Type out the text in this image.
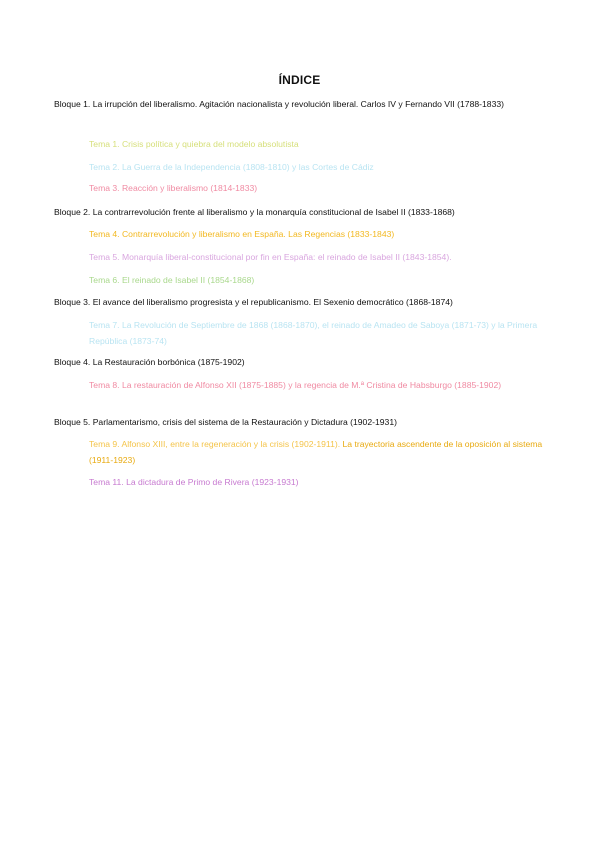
ÍNDICE
Bloque 1. La irrupción del liberalismo. Agitación nacionalista y revolución liberal. Carlos IV y Fernando VII (1788-1833)
Tema 1. Crisis política y quiebra del modelo absolutista
Tema 2. La Guerra de la Independencia (1808-1810) y las Cortes de Cádiz
Tema 3. Reacción y liberalismo (1814-1833)
Bloque 2. La contrarrevolución frente al liberalismo y la monarquía constitucional de Isabel II (1833-1868)
Tema 4. Contrarrevolución y liberalismo en España. Las Regencias (1833-1843)
Tema 5. Monarquía liberal-constitucional por fin en España: el reinado de Isabel II (1843-1854).
Tema 6. El reinado de Isabel II (1854-1868)
Bloque 3. El avance del liberalismo progresista y el republicanismo. El Sexenio democrático (1868-1874)
Tema 7. La Revolución de Septiembre de 1868 (1868-1870), el reinado de Amadeo de Saboya (1871-73) y la Primera República (1873-74)
Bloque 4. La Restauración borbónica (1875-1902)
Tema 8. La restauración de Alfonso XII (1875-1885) y la regencia de M.ª Cristina de Habsburgo (1885-1902)
Bloque 5. Parlamentarismo, crisis del sistema de la Restauración y Dictadura (1902-1931)
Tema 9. Alfonso XIII, entre la regeneración y la crisis (1902-1911). La trayectoria ascendente de la oposición al sistema (1911-1923)
Tema 11. La dictadura de Primo de Rivera (1923-1931)
